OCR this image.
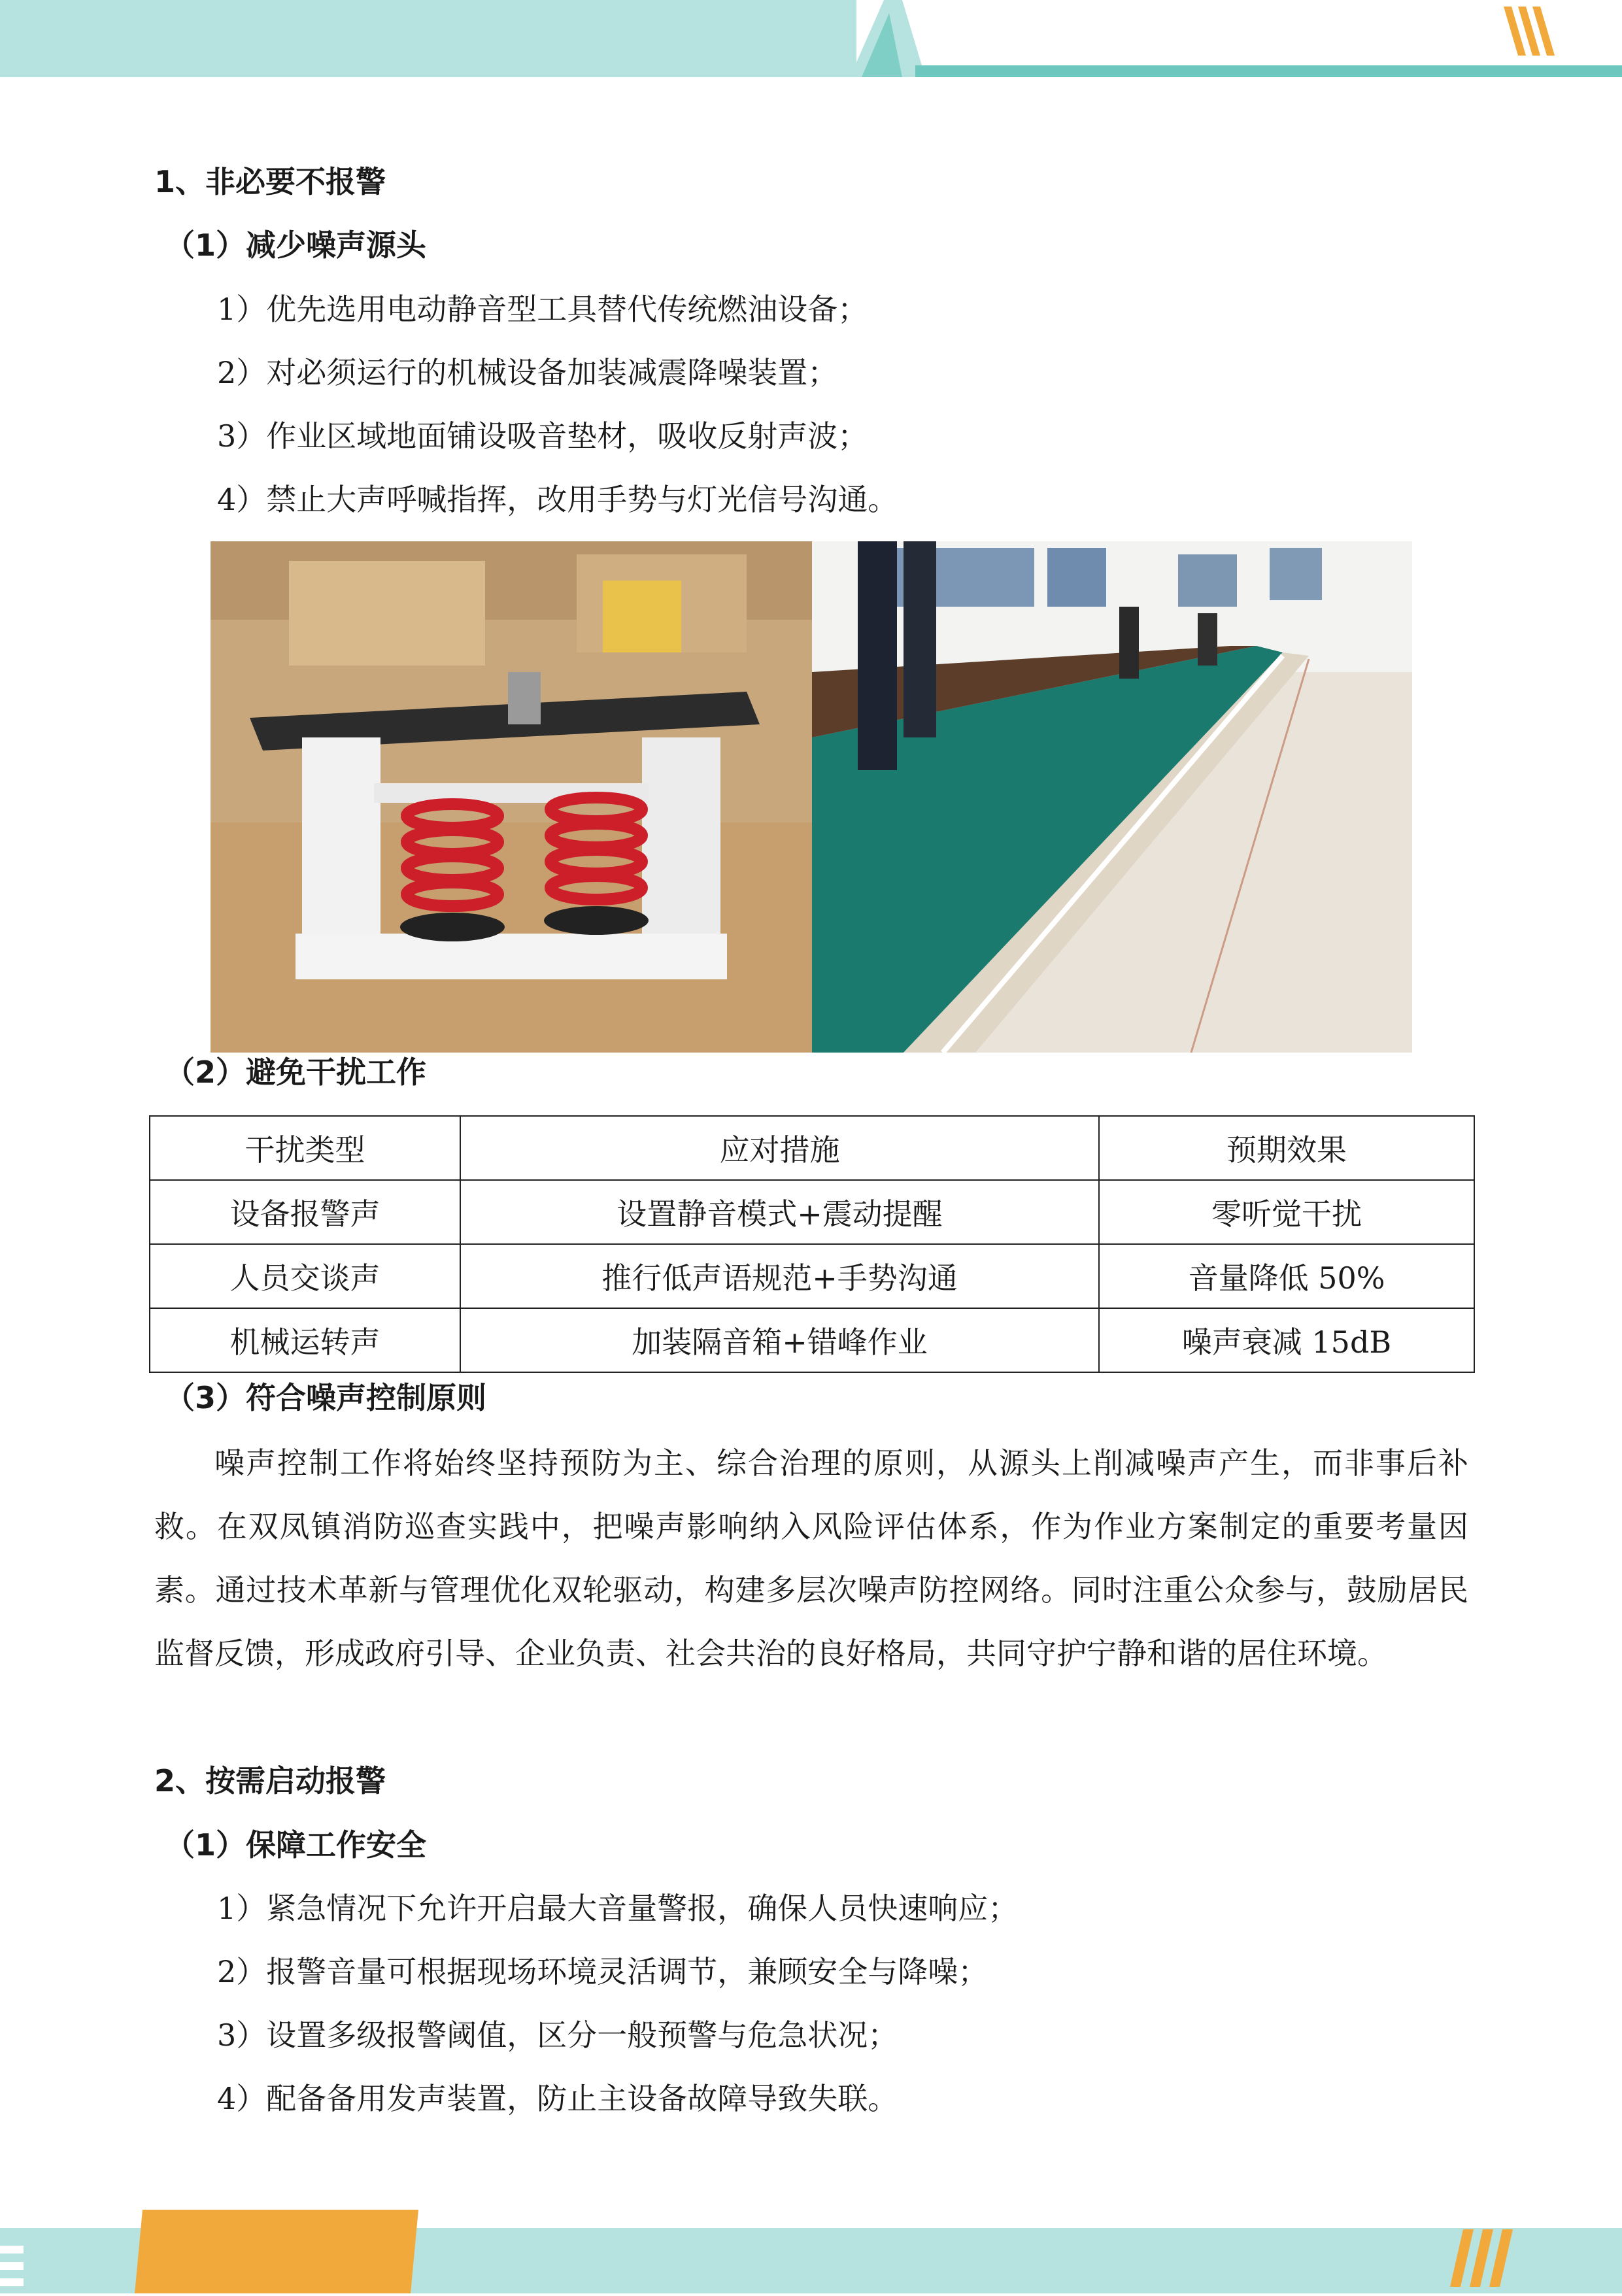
1、非必要不报警
（1）减少噪声源头
1）优先选用电动静音型工具替代传统燃油设备；
2）对必须运行的机械设备加装减震降噪装置；
3）作业区域地面铺设吸音垫材，吸收反射声波；
4）禁止大声呼喊指挥，改用手势与灯光信号沟通。
（2）避免干扰工作
干扰类型	应对措施	预期效果
设备报警声	设置静音模式+震动提醒	零听觉干扰
人员交谈声	推行低声语规范+手势沟通	音量降低 50%
机械运转声	加装隔音箱+错峰作业	噪声衰减 15dB
（3）符合噪声控制原则
噪声控制工作将始终坚持预防为主、综合治理的原则，从源头上削减噪声产生，而非事后补救。在双凤镇消防巡查实践中，把噪声影响纳入风险评估体系，作为作业方案制定的重要考量因素。通过技术革新与管理优化双轮驱动，构建多层次噪声防控网络。同时注重公众参与，鼓励居民监督反馈，形成政府引导、企业负责、社会共治的良好格局，共同守护宁静和谐的居住环境。
2、按需启动报警
（1）保障工作安全
1）紧急情况下允许开启最大音量警报，确保人员快速响应；
2）报警音量可根据现场环境灵活调节，兼顾安全与降噪；
3）设置多级报警阈值，区分一般预警与危急状况；
4）配备备用发声装置，防止主设备故障导致失联。
